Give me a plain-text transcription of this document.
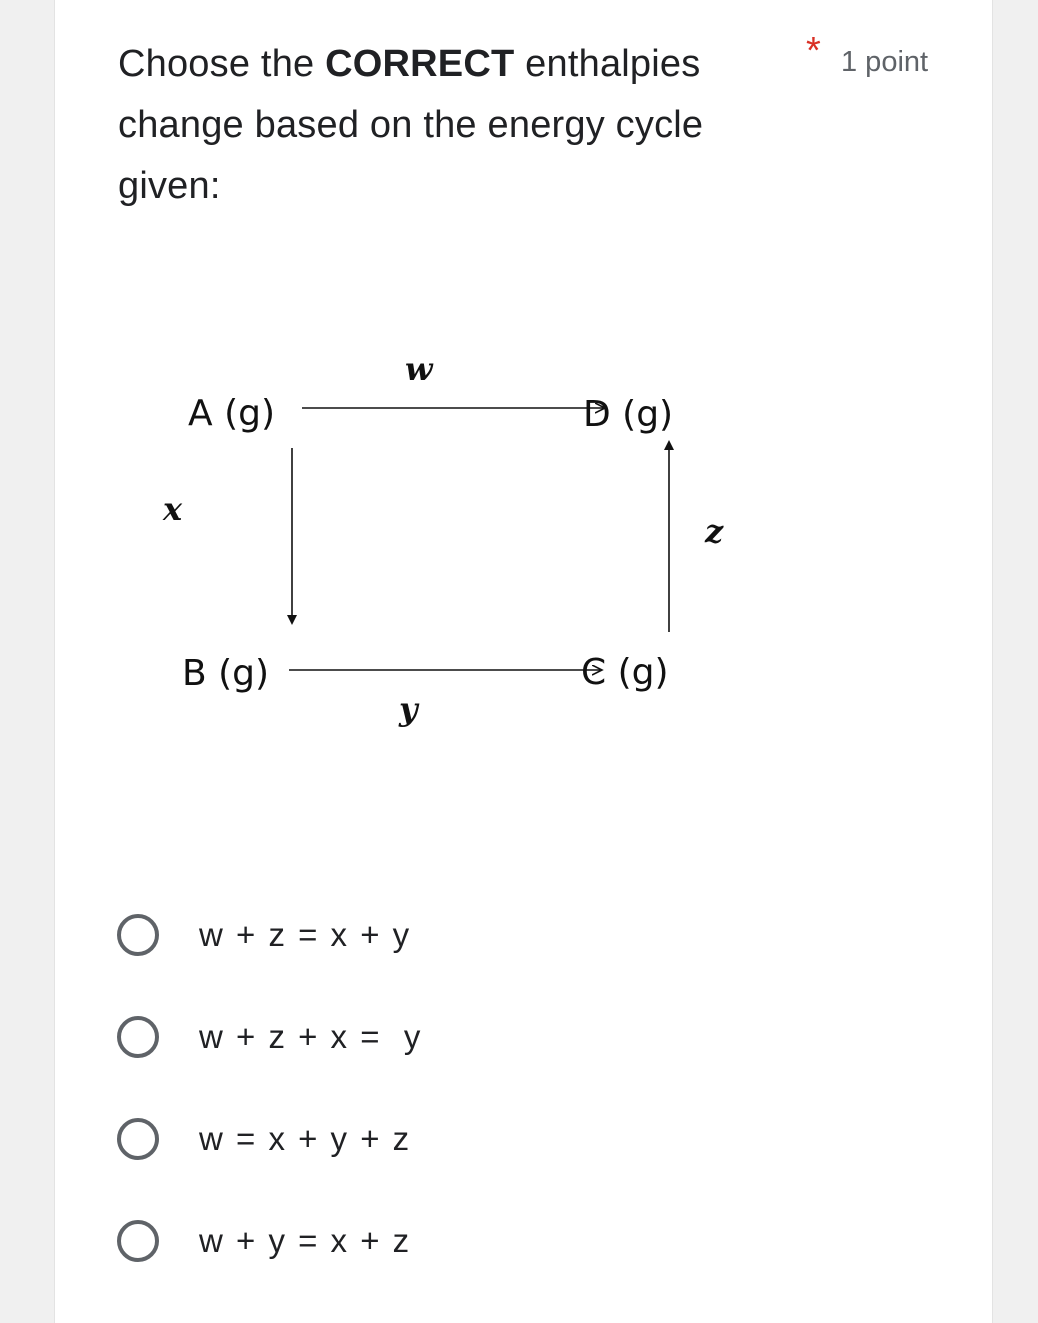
Choose the CORRECT enthalpies change based on the energy cycle given:
* 1 point
A (g)	D (g)
B (g)	C (g)
w
y
x
z
w + z = x + y
w + z + x =  y
w = x + y + z
w + y = x + z
